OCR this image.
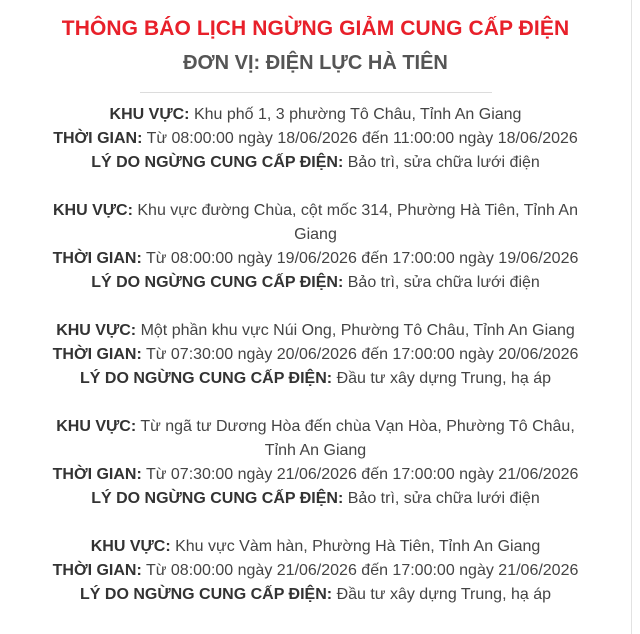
THÔNG BÁO LỊCH NGỪNG GIẢM CUNG CẤP ĐIỆN
ĐƠN VỊ: ĐIỆN LỰC HÀ TIÊN
KHU VỰC: Khu phố 1, 3 phường Tô Châu, Tỉnh An Giang
THỜI GIAN: Từ 08:00:00 ngày 18/06/2026 đến 11:00:00 ngày 18/06/2026
LÝ DO NGỪNG CUNG CẤP ĐIỆN: Bảo trì, sửa chữa lưới điện
KHU VỰC: Khu vực đường Chùa, cột mốc 314, Phường Hà Tiên, Tỉnh An Giang
THỜI GIAN: Từ 08:00:00 ngày 19/06/2026 đến 17:00:00 ngày 19/06/2026
LÝ DO NGỪNG CUNG CẤP ĐIỆN: Bảo trì, sửa chữa lưới điện
KHU VỰC: Một phần khu vực Núi Ong, Phường Tô Châu, Tỉnh An Giang
THỜI GIAN: Từ 07:30:00 ngày 20/06/2026 đến 17:00:00 ngày 20/06/2026
LÝ DO NGỪNG CUNG CẤP ĐIỆN: Đầu tư xây dựng Trung, hạ áp
KHU VỰC: Từ ngã tư Dương Hòa đến chùa Vạn Hòa, Phường Tô Châu, Tỉnh An Giang
THỜI GIAN: Từ 07:30:00 ngày 21/06/2026 đến 17:00:00 ngày 21/06/2026
LÝ DO NGỪNG CUNG CẤP ĐIỆN: Bảo trì, sửa chữa lưới điện
KHU VỰC: Khu vực Vàm hàn, Phường Hà Tiên, Tỉnh An Giang
THỜI GIAN: Từ 08:00:00 ngày 21/06/2026 đến 17:00:00 ngày 21/06/2026
LÝ DO NGỪNG CUNG CẤP ĐIỆN: Đầu tư xây dựng Trung, hạ áp
